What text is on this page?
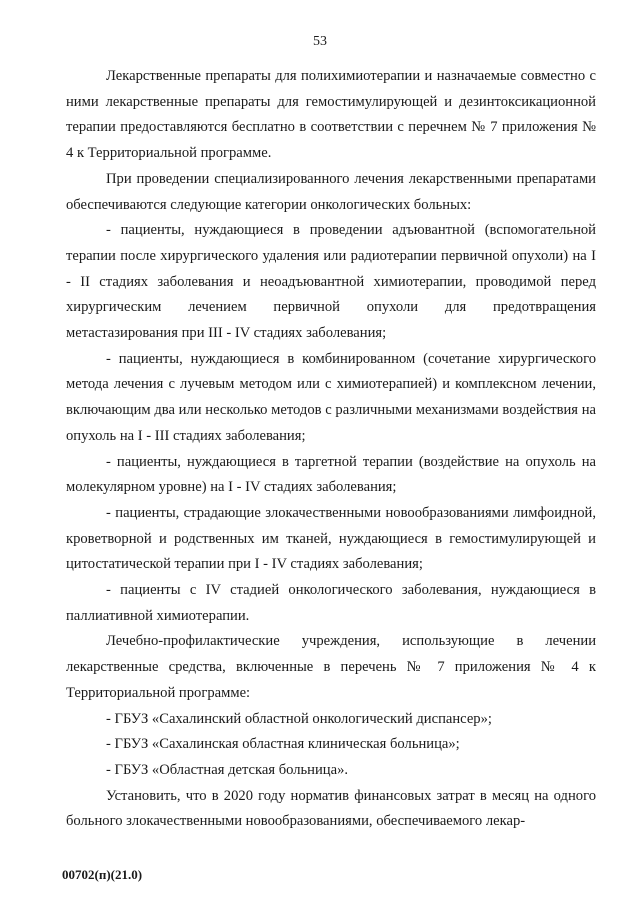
53

Лекарственные препараты для полихимиотерапии и назначаемые совместно с ними лекарственные препараты для гемостимулирующей и дезинтоксикационной терапии предоставляются бесплатно в соответствии с перечнем № 7 приложения № 4 к Территориальной программе.

При проведении специализированного лечения лекарственными препаратами обеспечиваются следующие категории онкологических больных:

- пациенты, нуждающиеся в проведении адъювантной (вспомогательной терапии после хирургического удаления или радиотерапии первичной опухоли) на I - II стадиях заболевания и неоадъювантной химиотерапии, проводимой перед хирургическим лечением первичной опухоли для предотвращения метастазирования при III - IV стадиях заболевания;

- пациенты, нуждающиеся в комбинированном (сочетание хирургического метода лечения с лучевым методом или с химиотерапией) и комплексном лечении, включающим два или несколько методов с различными механизмами воздействия на опухоль на I - III стадиях заболевания;

- пациенты, нуждающиеся в таргетной терапии (воздействие на опухоль на молекулярном уровне) на I - IV стадиях заболевания;

- пациенты, страдающие злокачественными новообразованиями лимфоидной, кроветворной и родственных им тканей, нуждающиеся в гемостимулирующей и цитостатической терапии при I - IV стадиях заболевания;

- пациенты с IV стадией онкологического заболевания, нуждающиеся в паллиативной химиотерапии.

Лечебно-профилактические учреждения, использующие в лечении лекарственные средства, включенные в перечень № 7 приложения № 4 к Территориальной программе:

- ГБУЗ «Сахалинский областной онкологический диспансер»;

- ГБУЗ «Сахалинская областная клиническая больница»;

- ГБУЗ «Областная детская больница».

Установить, что в 2020 году норматив финансовых затрат в месяц на одного больного злокачественными новообразованиями, обеспечиваемого лекар-

00702(п)(21.0)
